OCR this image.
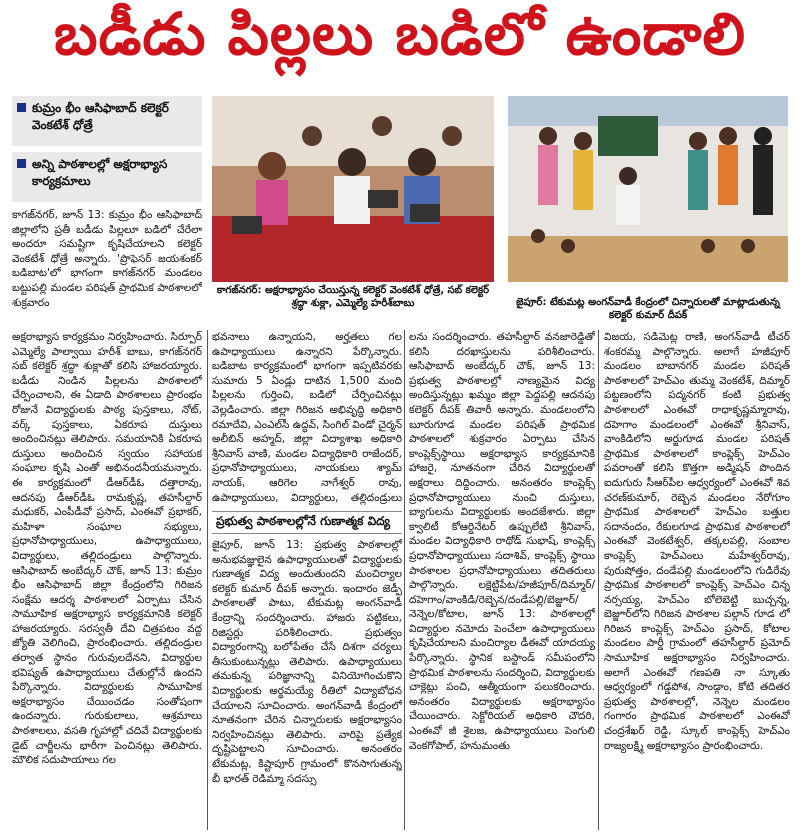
బడీడు పిల్లలు బడిలో ఉండాలి
కుమ్రం భీం ఆసిఫాబాద్ కలెక్టర్ వెంకటేశ్ ధోత్రే
అన్ని పాఠశాలల్లో అక్షరాభ్యాస కార్యక్రమాలు

కాగజ్‌నగర్, జూన్ 13: కుమ్రం భీం ఆసిఫాబాద్ జిల్లాలోని ప్రతీ బడీడు పిల్లలూ బడిలో చేరేలా అందరూ సమష్టిగా కృషిచేయాలని కలెక్టర్ వెంకటేశ్ ధోత్రే అన్నారు. 'ప్రొఫెసర్ జయశంకర్ బడిబాట'లో భాగంగా కాగజ్‌నగర్ మండలం బట్టుపల్లి మండల పరిషత్ ప్రాథమిక పాఠశాలలో శుక్రవారం

కాగజ్‌నగర్: అక్షరాభ్యాసం చేయిస్తున్న కలెక్టర్ వెంకటేశ్ ధోత్రే, సబ్ కలెక్టర్ శ్రద్ధా శుక్లా, ఎమ్మెల్యే హరీశ్‌బాబు	జైపూర్: టేకుమట్ల అంగన్‌వాడీ కేంద్రంలో చిన్నారులతో మాట్లాడుతున్న కలెక్టర్ కుమార్ దీపక్

అక్షరాభ్యాస కార్యక్రమం నిర్వహించారు. సిర్పూర్ ఎమ్మెల్యే పాల్వాయి హరీశ్ బాబు, కాగజ్‌నగర్ సబ్ కలెక్టర్ శ్రద్ధా శుక్లాతో కలిసి హాజరయ్యారు. బడీడు నిండిన పిల్లలను పాఠశాలలో చేర్పించాలని, ఈ ఏడాది పాఠశాలలు ప్రారంభం రోజునే విద్యార్థులకు పాఠ్య పుస్తకాలు, నోట్, వర్క్ పుస్తకాలు, ఏకరూప దుస్తులు అందించినట్లు తెలిపారు. సమయానికి ఏకరూప దుస్తులు అందించిన స్వయం సహాయక సంఘాల కృషి ఎంతో అభినందనీయమన్నారు. ఈ కార్యక్రమంలో డీఆర్‌డీఓ దత్తారావు, ఆదనపు డీఆర్‌డీఓ రామకృష్ణ, తహసీల్దార్ మధుకర్, ఎంపీడీవో ప్రసాద్, ఎంఈవో ప్రభాకర్, మహిళా సంఘాల సభ్యులు, ప్రధానోపాధ్యాయులు, ఉపాధ్యాయులు, విద్యార్థులు, తల్లిదండ్రులు పాల్గొన్నారు. ఆసిఫాబాద్ అంబేద్కర్ చౌక్, జూన్ 13: కుమ్రం భీం ఆసిఫాబాద్ జిల్లా కేంద్రంలోని గిరిజన సంక్షేమ ఆదర్శ పాఠశాలలో ఏర్పాటు చేసిన సామూహిక అక్షరాభ్యాస కార్యక్రమానికి కలెక్టర్ హాజరయ్యారు. సరస్వతీ దేవి చిత్రపటం వద్ద జ్యోతి వెలిగించి, ప్రారంభించారు. తల్లిదండ్రుల తర్వాత స్థానం గురువులదేనని, విద్యార్థుల భవిష్యత్ ఉపాధ్యాయులు చేతుల్లోనే ఉందని పేర్కొన్నారు. విద్యార్థులకు సామూహిక అక్షరాభ్యాసం చేయించడం సంతోషంగా ఉందన్నారు. గురుకులాలు, ఆశ్రమాలు పాఠశాలలు, వసతి గృహాల్లో చదివే విద్యార్థులకు డైట్ చార్జీలను భారీగా పెంచినట్లు తెలిపారు. మౌలిక సదుపాయాలు గల

భవనాలు ఉన్నాయని, అర్హతలు గల ఉపాధ్యాయులు ఉన్నారని పేర్కొన్నారు. బడిబాట కార్యక్రమంలో భాగంగా ఇప్పటివరకు సుమారు 5 ఏండ్లు దాటిన 1,500 మంది పిల్లలను గుర్తించి, బడిలో చేర్పించినట్లు వెల్లడించారు. జిల్లా గిరిజన అభివృద్ధి అధికారి రమాదేవి, ఎంఎల్‌సీ ఉద్ధవ్, సింగిల్ విండో చైర్మన్ అలీబిన్ అహ్మద్, జిల్లా విద్యాశాఖ అధికారి శ్రీనివాస్ వాణి, మండల విద్యాధికారి రాజేందర్, ప్రధానోపాధ్యాయులు, నాయకులు శ్యామ్ నాయక్, ఆరిగెల నాగేశ్వర్ రావు, ఉపాధ్యాయులు, విద్యార్థులు, తల్లిదండ్రులు

ప్రభుత్వ పాఠశాలల్లోనే గుణాత్మక విద్య

జైపూర్, జూన్ 13: ప్రభుత్వ పాఠశాలల్లో అనుభవజ్ఞులైన ఉపాధ్యాయులతో విద్యార్థులకు గుణాత్మక విద్య అందుతుందని మంచిర్యాల కలెక్టర్ కుమార్ దీపక్ అన్నారు. ఇందారం జెడ్పీ పాఠశాలతో పాటు, టేకుమట్ల అంగన్‌వాడీ కేంద్రాన్ని సందర్శించారు. హాజరు పట్టికలు, రిజిస్టర్లు పరిశీలించారు. ప్రభుత్వం విద్యారంగాన్ని బలోపేతం చేసే దిశగా చర్యలు తీసుకుంటున్నట్లు తెలిపారు. ఉపాధ్యాయులు తమకున్న పరిజ్ఞానాన్ని వినియోగించుకొని విద్యార్థులకు అర్థమయ్యే రీతిలో విద్యాబోధన చేయాలని సూచించారు. అంగన్‌వాడీ కేంద్రంలో నూతనంగా చేరిన చిన్నారులకు అక్షరాభ్యాసం నిర్వహించినట్లు తెలిపారు. వారిపై ప్రత్యేక దృష్టిపెట్టాలని సూచించారు. అనంతరం టేకుమట్ల, కిష్టాపూర్ గ్రామంలో కొనసాగుతున్న బీ భారత్ రెడిమ్మా సదస్సు

లను సందర్శించారు. తహసీల్దార్ వనజారెడ్డితో కలిసి దరఖాస్తులను పరిశీలించారు. ఆసిఫాబాద్ అంబేద్కర్ చౌక్, జూన్ 13: ప్రభుత్వ పాఠశాలల్లో నాణ్యమైన విద్య అందిస్తున్నట్లు ఖమ్మం జిల్లా పెద్దపల్లి ఆదనపు కలెక్టర్ దీపక్ తివారీ అన్నారు. మండలంలోని బూరుగూడ మండల పరిషత్ ప్రాథమిక పాఠశాలలో శుక్రవారం ఏర్పాటు చేసిన కాంప్లెక్స్‌స్థాయి అక్షరాభ్యాస కార్యక్రమానికి హాజరై, నూతనంగా చేరిన విద్యార్థులతో అక్షరాలు దిద్దించారు. అనంతరం కాంప్లెక్స్ ప్రధానోపాధ్యాయులు నుంచి దుస్తులు, బ్యాగులను విద్యార్థులకు అందజేశారు. జిల్లా క్వాలిటీ కోఆర్డినేటర్ ఉప్పులేటి శ్రీనివాస్, మండల విద్యాధికారి రాథోడ్ సుభాష్, కాంప్లెక్స్ ప్రధానోపాధ్యాయులు సదాశివ్, కాంప్లెక్స్ స్థాయి పాఠశాలల ప్రధానోపాధ్యాయులు తదితరులు పాల్గొన్నారు. లక్షెట్టిపేట/హజీపూర్/దిమ్మార్/దహెగాం/వాంకిడి/రెబ్బెన/దండేపల్లి/బెజ్జూర్/నెన్నెల/కోటాల, జూన్ 13: పాఠశాలల్లో విద్యార్థుల నమోదు పెంచేలా ఉపాధ్యాయులు కృషిచేయాలని మంచిర్యాల డీఈవో యాదయ్య పేర్కొన్నారు. స్థానిక బస్టాండ్ సమీపంలోని ప్రాథమిక పాఠశాలను సందర్శించి, విద్యార్థులకు చాక్లెట్లు పంచి, ఆత్మీయంగా పలుకరించారు. అనంతరం విద్యార్థులకు అక్షరాభ్యాసం చేయించారు. సెక్టోరియల్ అధికారి చౌదరి, ఎంఈవో జీ శైలజ, ఉపాధ్యాయులు పెంగులి వెంకగోపాల్, హనుమంతు

విజయ, సడిమెట్ల రాణి, అంగన్‌వాడీ టీచర్ శంకరమ్మ పాల్గొన్నారు. అలాగే హజీపూర్ మండలం బాబానగర్ మండల పరిషత్ పాఠశాలలో హెచ్‌ఎం తుమ్మ వెంకటేశ్, దిమ్మార్ పట్టణంలోని పద్మనగర్ కంటి ప్రభుత్వ పాఠశాలలో ఎంఈవో రాధాకృష్ణమ్మారావు, దహెగాం మండలంలో ఎంఈవో శ్రీనివాస్, వాంకిడిలోని అర్జుగూడ మండల పరిషత్ ప్రాథమిక పాఠశాలలో కాంప్లెక్స్ హెచ్‌ఎం పవరాంతో కలిసి కొత్తగా అడ్మిషన్ పొందిన ఐదుగురు సీఆర్‌పీల ఆధ్వర్యంలో ఎంఈవో శివ చరణ్‌కుమార్, రెబ్బెన మండలం నేరోగూం ప్రాథమిక పాఠశాలలో హెచ్‌ఎం బత్తుల సదానందం, రేకులగూడ ప్రాథమిక పాఠశాలలో ఎంఈవో వెంకటేశ్వర్, తక్కలపల్లి, సంబాల కాంప్లెక్స్ హెచ్‌ఎంలు మహేశ్వర్‌రావు, పురుషోత్తం, దండేపల్లి మండలంలోని గుడిరేవు ప్రాథమిక పాఠశాలలో కాంప్లెక్స్ హెచ్‌ఎం చిన్న నర్సయ్య, హెచ్‌ఎం బోలెబెట్టి బుచ్చన్న, బెజ్జూర్‌లోని గిరిజన పాఠశాల పల్గాన్ గూడ లో గిరిజన కాంప్లెక్స్ హెచ్‌ఎం ప్రసాద్, కోటాల మండలం పార్డీ గ్రామంలో తహసీల్దార్ ప్రమోద్ సామూహిక అక్షరాభ్యాసం నిర్వహించారు. అలాగే ఎంఈవో గణపతి నా స్కూతు ఆధ్వర్యంలో గడ్డపోశ, సాండ్గాం, కోటి తదితర ప్రభుత్వ పాఠశాలల్లో, నెన్నెల మండలం గంగారం ప్రాథమిక పాఠశాలలో ఎంఈవో చంద్రశేఖర్ రెడ్డి, స్కూల్ కాంప్లెక్స్ హెచ్‌ఎం రాజ్యలక్ష్మి అక్షరాభ్యాసం ప్రారంభించారు.
